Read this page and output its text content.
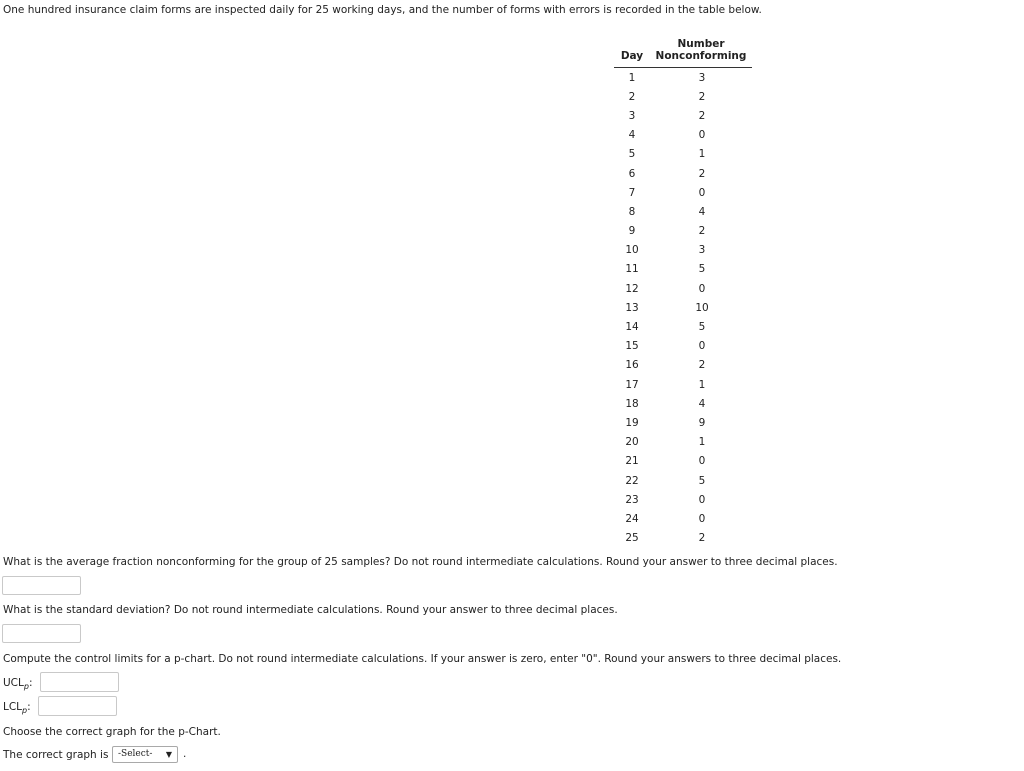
One hundred insurance claim forms are inspected daily for 25 working days, and the number of forms with errors is recorded in the table below.
	Number
Day	Nonconforming
1	3
2	2
3	2
4	0
5	1
6	2
7	0
8	4
9	2
10	3
11	5
12	0
13	10
14	5
15	0
16	2
17	1
18	4
19	9
20	1
21	0
22	5
23	0
24	0
25	2
What is the average fraction nonconforming for the group of 25 samples? Do not round intermediate calculations. Round your answer to three decimal places.
What is the standard deviation? Do not round intermediate calculations. Round your answer to three decimal places.
Compute the control limits for a p-chart. Do not round intermediate calculations. If your answer is zero, enter "0". Round your answers to three decimal places.
$UCL_p$:
$LCL_p$:
Choose the correct graph for the p-Chart.
The correct graph is	-Select- ▼ .
